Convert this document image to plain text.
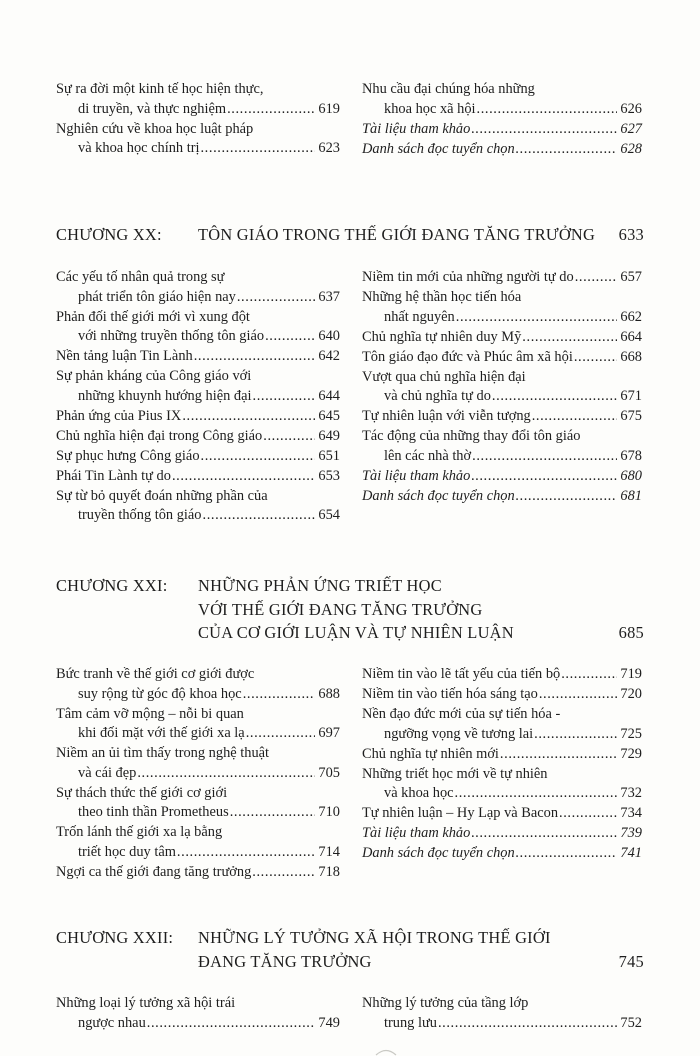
Sự ra đời một kinh tế học hiện thực,
di truyền, và thực nghiệm .....	619
Nghiên cứu về khoa học luật pháp
và khoa học chính trị .....	623
Nhu cầu đại chúng hóa những
khoa học xã hội .....	626
Tài liệu tham khảo .....	627
Danh sách đọc tuyển chọn .....	628
CHƯƠNG XX: TÔN GIÁO TRONG THẾ GIỚI ĐANG TĂNG TRƯỞNG 633
Các yếu tố nhân quả trong sự
phát triển tôn giáo hiện nay .....	637
Phản đối thế giới mới vì xung đột
với những truyền thống tôn giáo .....	640
Nền tảng luận Tin Lành .....	642
Sự phản kháng của Công giáo với
những khuynh hướng hiện đại .....	644
Phản ứng của Pius IX .....	645
Chủ nghĩa hiện đại trong Công giáo .....	649
Sự phục hưng Công giáo .....	651
Phái Tin Lành tự do .....	653
Sự từ bỏ quyết đoán những phần của
truyền thống tôn giáo .....	654
Niềm tin mới của những người tự do .....	657
Những hệ thần học tiến hóa
nhất nguyên .....	662
Chủ nghĩa tự nhiên duy Mỹ .....	664
Tôn giáo đạo đức và Phúc âm xã hội .....	668
Vượt qua chủ nghĩa hiện đại
và chủ nghĩa tự do .....	671
Tự nhiên luận với viễn tượng .....	675
Tác động của những thay đổi tôn giáo
lên các nhà thờ .....	678
Tài liệu tham khảo .....	680
Danh sách đọc tuyển chọn .....	681
CHƯƠNG XXI: NHỮNG PHẢN ỨNG TRIẾT HỌC
VỚI THẾ GIỚI ĐANG TĂNG TRƯỞNG
CỦA CƠ GIỚI LUẬN VÀ TỰ NHIÊN LUẬN	685
Bức tranh về thế giới cơ giới được
suy rộng từ góc độ khoa học .....	688
Tâm cảm vỡ mộng – nỗi bi quan
khi đối mặt với thế giới xa lạ .....	697
Niềm an ủi tìm thấy trong nghệ thuật
và cái đẹp .....	705
Sự thách thức thế giới cơ giới
theo tinh thần Prometheus .....	710
Trốn lánh thế giới xa lạ bằng
triết học duy tâm .....	714
Ngợi ca thế giới đang tăng trưởng .....	718
Niềm tin vào lẽ tất yếu của tiến bộ .....	719
Niềm tin vào tiến hóa sáng tạo .....	720
Nền đạo đức mới của sự tiến hóa -
ngưỡng vọng về tương lai .....	725
Chủ nghĩa tự nhiên mới .....	729
Những triết học mới về tự nhiên
và khoa học .....	732
Tự nhiên luận – Hy Lạp và Bacon .....	734
Tài liệu tham khảo .....	739
Danh sách đọc tuyển chọn .....	741
CHƯƠNG XXII: NHỮNG LÝ TƯỞNG XÃ HỘI TRONG THẾ GIỚI
ĐANG TĂNG TRƯỞNG	745
Những loại lý tưởng xã hội trái
ngược nhau .....	749
Những lý tưởng của tầng lớp
trung lưu .....	752
